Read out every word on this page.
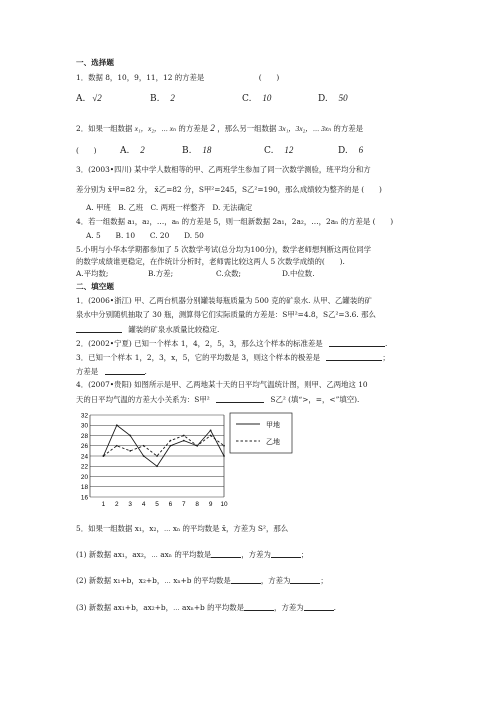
一、选择题
1．数据 8，10，9，11，12 的方差是	(　　)
A. √2	B. 2	C. 10	D. 50
2．如果一组数据 x₁，x₂，⋯ xₙ 的方差是 2 ，那么另一组数据 3x₁，3x₂，⋯ 3xₙ 的方差是
(　　)	A. 2	B. 18	C. 12	D. 6
3．(2003•四川) 某中学人数相等的甲、乙两班学生参加了同一次数学测验，班平均分和方
差分别为 x̄甲=82 分， x̄乙=82 分，S甲²=245，S乙²=190，那么成绩较为整齐的是 (　　)
A. 甲班　B. 乙班　C. 两班一样整齐　D. 无法确定
4．若一组数据 a₁，a₂，…，aₙ 的方差是 5，则一组新数据 2a₁，2a₂，…，2aₙ 的方差是 (　　)
A. 5　　B. 10　　C. 20　　D. 50
5.小明与小华本学期都参加了 5 次数学考试(总分均为100分)，数学老师想判断这两位同学
的数学成绩谁更稳定，在作统计分析时，老师需比较这两人 5 次数学成绩的(　　).
A.平均数;	B.方差;	C.众数;	D.中位数.
二、填空题
1．(2006•浙江) 甲、乙两台机器分别罐装每瓶质量为 500 克的矿泉水. 从甲、乙罐装的矿
泉水中分别随机抽取了 30 瓶，测算得它们实际质量的方差是：S甲²=4.8，S乙²=3.6. 那么
罐装的矿泉水质量比较稳定.
2．(2002•宁夏) 已知一个样本 1，4，2，5，3，那么这个样本的标准差是	.
3．已知一个样本 1，2，3，x，5，它的平均数是 3，则这个样本的极差是	；
方差是	.
4．(2007•贵阳) 如图所示是甲、乙两地某十天的日平均气温统计图，则甲、乙两地这 10
天的日平均气温的方差大小关系为：S甲²	S乙² (填“>，=，<”填空).
16
18
20
22
24
26
28
30
32
1 2 3 4 5 6 7 8 9 10
甲地
乙地
5．如果一组数据 x₁，x₂，⋯ xₙ 的平均数是 x̄，方差为 S²，那么
(1) 新数据 ax₁，ax₂，⋯ axₙ 的平均数是	，方差为	；
(2) 新数据 x₁+b，x₂+b，⋯ xₙ+b 的平均数是	，方差为	；
(3) 新数据 ax₁+b，ax₂+b，⋯ axₙ+b 的平均数是	，方差为	.
